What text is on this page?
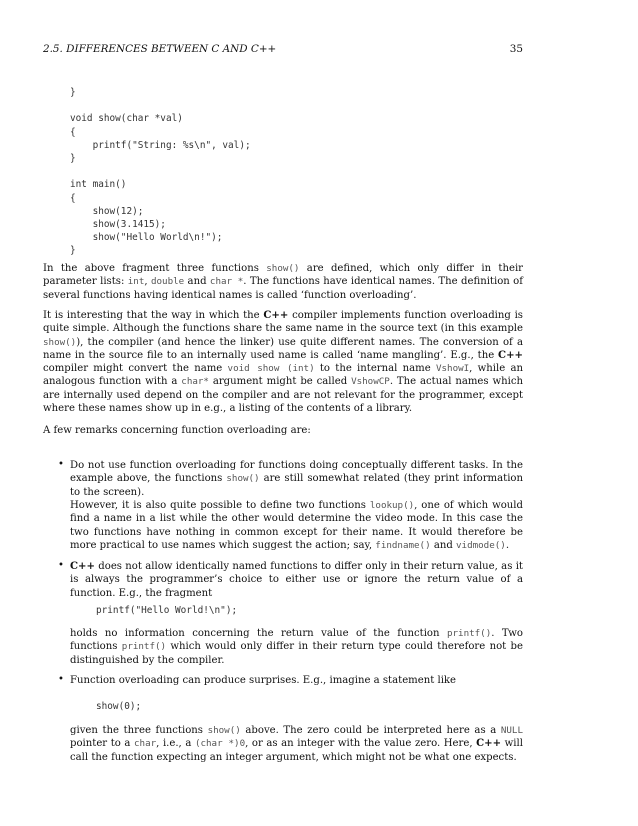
2.5. DIFFERENCES BETWEEN C AND C++	35
}

void show(char *val)
{
printf("String: %s\n", val);
}

int main()
{
show(12);
show(3.1415);
show("Hello World\n!");
}

In the above fragment three functions show() are defined, which only differ in their parameter lists: int, double and char *. The functions have identical names. The definition of several functions having identical names is called ‘function overloading’.

It is interesting that the way in which the C++ compiler implements function overloading is quite simple. Although the functions share the same name in the source text (in this example show()), the compiler (and hence the linker) use quite different names. The conversion of a name in the source file to an internally used name is called ‘name mangling’. E.g., the C++ compiler might convert the name void show (int) to the internal name VshowI, while an analogous function with a char* argument might be called VshowCP. The actual names which are internally used depend on the compiler and are not relevant for the programmer, except where these names show up in e.g., a listing of the contents of a library.

A few remarks concerning function overloading are:

• Do not use function overloading for functions doing conceptually different tasks. In the example above, the functions show() are still somewhat related (they print information to the screen).

However, it is also quite possible to define two functions lookup(), one of which would find a name in a list while the other would determine the video mode. In this case the two functions have nothing in common except for their name. It would therefore be more practical to use names which suggest the action; say, findname() and vidmode().

• C++ does not allow identically named functions to differ only in their return value, as it is always the programmer’s choice to either use or ignore the return value of a function. E.g., the fragment

printf("Hello World!\n");

holds no information concerning the return value of the function printf(). Two functions printf() which would only differ in their return type could therefore not be distinguished by the compiler.

• Function overloading can produce surprises. E.g., imagine a statement like

show(0);

given the three functions show() above. The zero could be interpreted here as a NULL pointer to a char, i.e., a (char *)0, or as an integer with the value zero. Here, C++ will call the function expecting an integer argument, which might not be what one expects.
